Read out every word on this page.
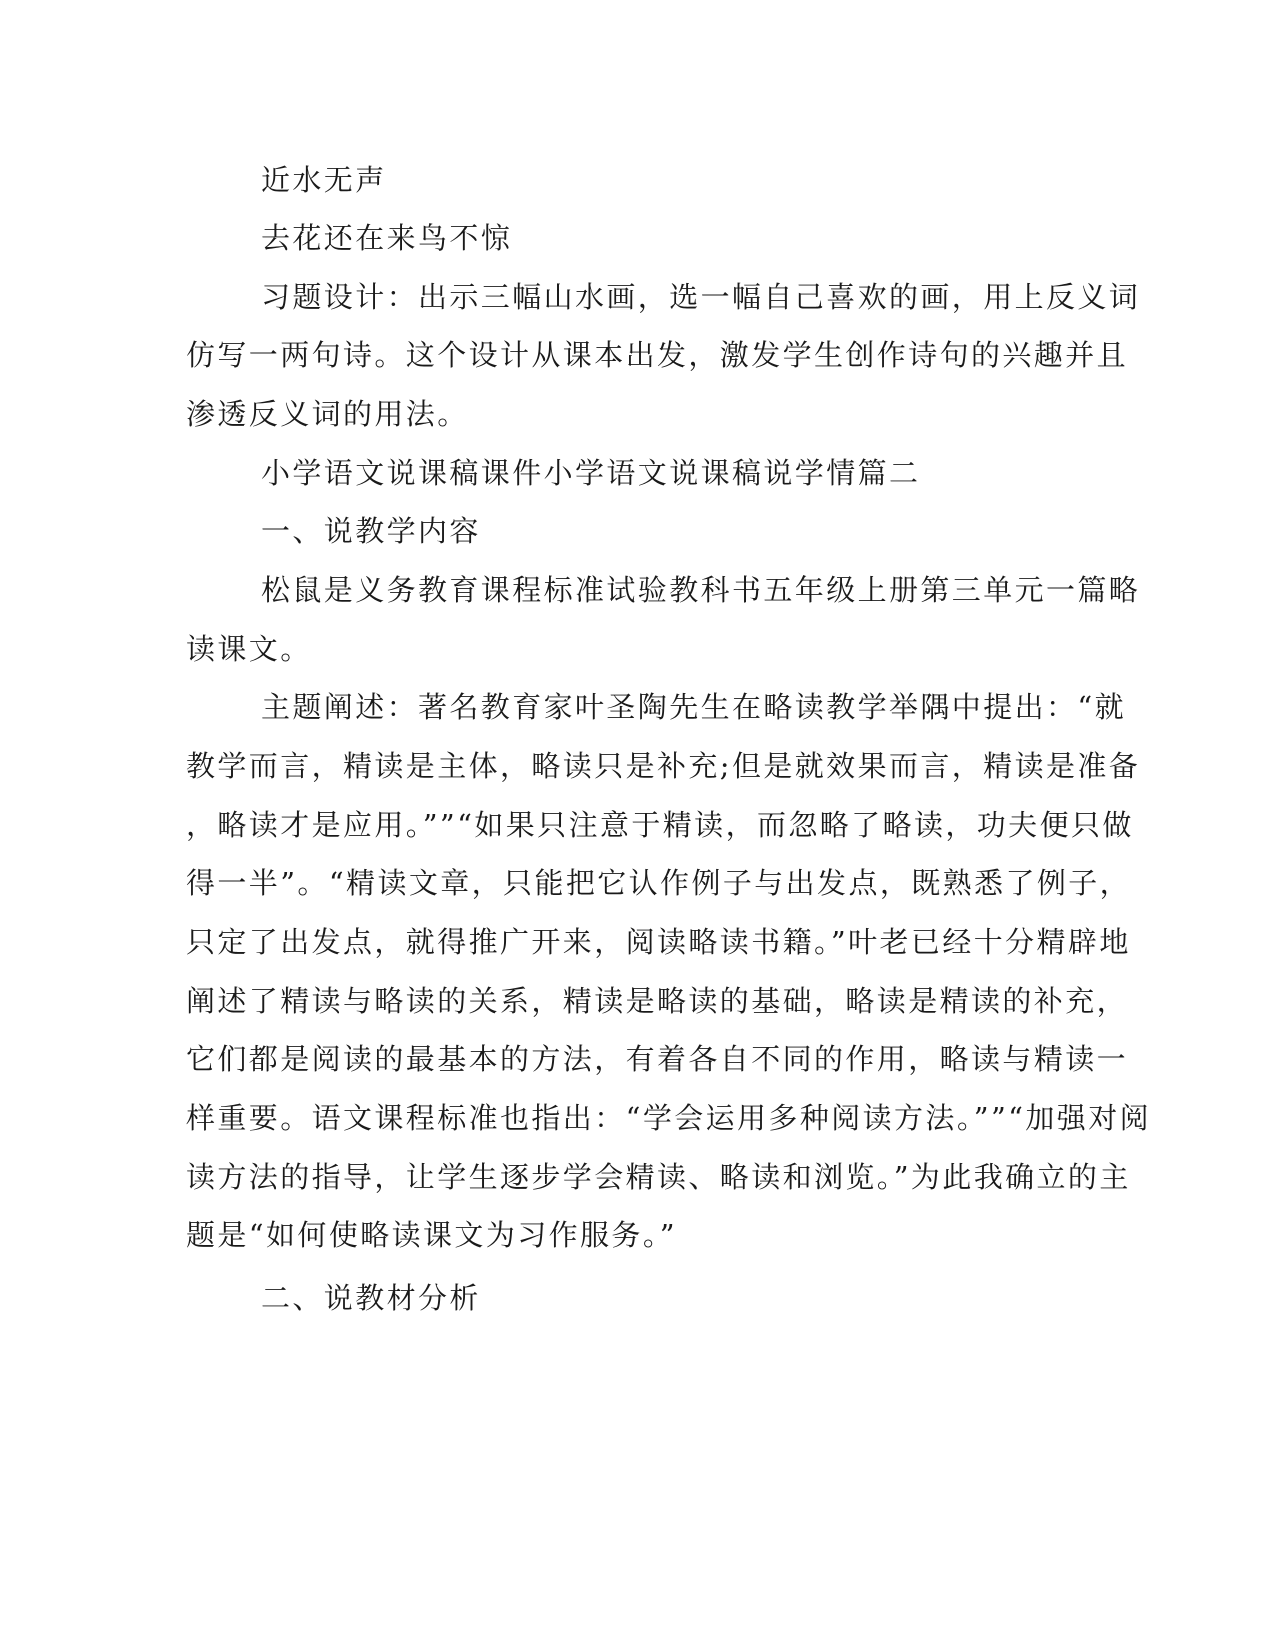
近水无声
去花还在来鸟不惊
习题设计：出示三幅山水画，选一幅自己喜欢的画，用上反义词
仿写一两句诗。这个设计从课本出发，激发学生创作诗句的兴趣并且
渗透反义词的用法。
小学语文说课稿课件小学语文说课稿说学情篇二
一、说教学内容
松鼠是义务教育课程标准试验教科书五年级上册第三单元一篇略
读课文。
主题阐述：著名教育家叶圣陶先生在略读教学举隅中提出：“就
教学而言，精读是主体，略读只是补充;但是就效果而言，精读是准备
，略读才是应用。””“如果只注意于精读，而忽略了略读，功夫便只做
得一半”。“精读文章，只能把它认作例子与出发点，既熟悉了例子，
只定了出发点，就得推广开来，阅读略读书籍。”叶老已经十分精辟地
阐述了精读与略读的关系，精读是略读的基础，略读是精读的补充，
它们都是阅读的最基本的方法，有着各自不同的作用，略读与精读一
样重要。语文课程标准也指出：“学会运用多种阅读方法。””“加强对阅
读方法的指导，让学生逐步学会精读、略读和浏览。”为此我确立的主
题是“如何使略读课文为习作服务。”
二、说教材分析
